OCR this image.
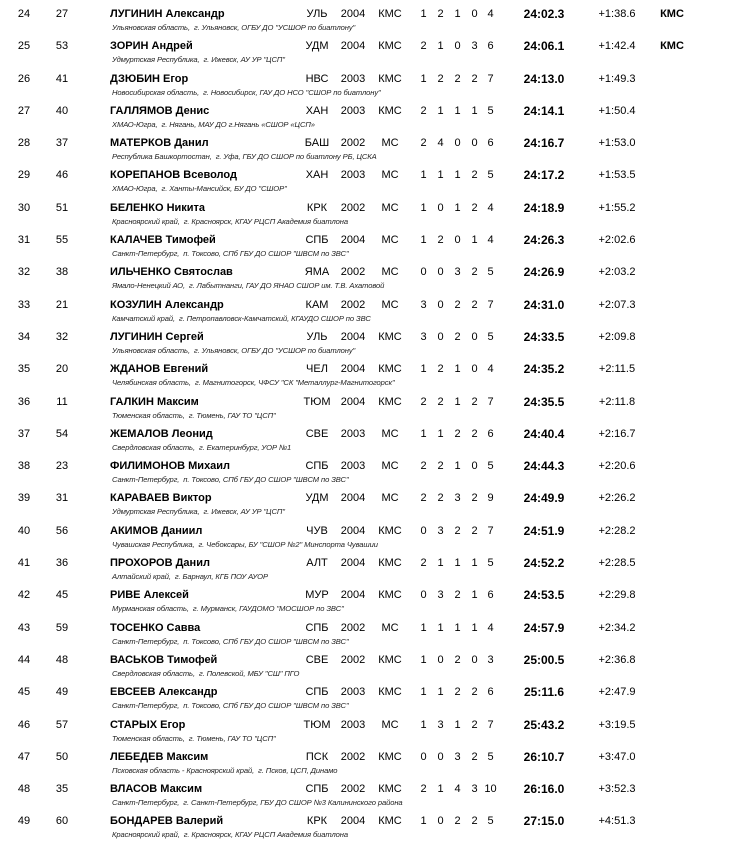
24	27	ЛУГИНИН Александр	УЛЬ	2004	КМС	1 2 1 0 4	24:02.3	+1:38.6	КМС
Ульяновская область,  г. Ульяновск, ОГБУ ДО "УСШОР по биатлону"
25	53	ЗОРИН Андрей	УДМ	2004	КМС	2 1 0 3 6	24:06.1	+1:42.4	КМС
Удмуртская Республика,  г. Ижевск, АУ УР "ЦСП"
26	41	ДЗЮБИН Егор	НВС	2003	КМС	1 2 2 2 7	24:13.0	+1:49.3
Новосибирская область,  г. Новосибирск, ГАУ ДО НСО "СШОР по биатлону"
27	40	ГАЛЛЯМОВ Денис	ХАН	2003	КМС	2 1 1 1 5	24:14.1	+1:50.4
ХМАО-Югра,  г. Нягань, МАУ ДО г.Нягань «СШОР «ЦСП»
28	37	МАТЕРКОВ Данил	БАШ	2002	МС	2 4 0 0 6	24:16.7	+1:53.0
Республика Башкортостан,  г. Уфа, ГБУ ДО СШОР по биатлону РБ, ЦСКА
29	46	КОРЕПАНОВ Всеволод	ХАН	2003	МС	1 1 1 2 5	24:17.2	+1:53.5
ХМАО-Югра,  г. Ханты-Мансийск, БУ ДО "СШОР"
30	51	БЕЛЕНКО Никита	КРК	2002	МС	1 0 1 2 4	24:18.9	+1:55.2
Красноярский край,  г. Красноярск, КГАУ РЦСП Академия биатлона
31	55	КАЛАЧЕВ Тимофей	СПБ	2004	МС	1 2 0 1 4	24:26.3	+2:02.6
Санкт-Петербург,  п. Токсово, СПб ГБУ ДО СШОР "ШВСМ по ЗВС"
32	38	ИЛЬЧЕНКО Святослав	ЯМА	2002	МС	0 0 3 2 5	24:26.9	+2:03.2
Ямало-Ненецкий АО,  г. Лабытнанги, ГАУ ДО ЯНАО СШОР им. Т.В. Ахатовой
33	21	КОЗУЛИН Александр	КАМ	2002	МС	3 0 2 2 7	24:31.0	+2:07.3
Камчатский край,  г. Петропавловск-Камчатский, КГАУДО СШОР по ЗВС
34	32	ЛУГИНИН Сергей	УЛЬ	2004	КМС	3 0 2 0 5	24:33.5	+2:09.8
Ульяновская область,  г. Ульяновск, ОГБУ ДО "УСШОР по биатлону"
35	20	ЖДАНОВ Евгений	ЧЕЛ	2004	КМС	1 2 1 0 4	24:35.2	+2:11.5
Челябинская область,  г. Магнитогорск, ЧФСУ "СК "Металлург-Магнитогорск"
36	11	ГАЛКИН Максим	ТЮМ 2004	КМС	2 2 1 2 7	24:35.5	+2:11.8
Тюменская область,  г. Тюмень, ГАУ ТО "ЦСП"
37	54	ЖЕМАЛОВ Леонид	СВЕ	2003	МС	1 1 2 2 6	24:40.4	+2:16.7
Свердловская область,  г. Екатеринбург, УОР №1
38	23	ФИЛИМОНОВ Михаил	СПБ	2003	МС	2 2 1 0 5	24:44.3	+2:20.6
Санкт-Петербург,  п. Токсово, СПб ГБУ ДО СШОР "ШВСМ по ЗВС"
39	31	КАРАВАЕВ Виктор	УДМ	2004	МС	2 2 3 2 9	24:49.9	+2:26.2
Удмуртская Республика,  г. Ижевск, АУ УР "ЦСП"
40	56	АКИМОВ Даниил	ЧУВ	2004	КМС	0 3 2 2 7	24:51.9	+2:28.2
Чувашская Республика,  г. Чебоксары, БУ "СШОР №2" Минспорта Чувашии
41	36	ПРОХОРОВ Данил	АЛТ	2004	КМС	2 1 1 1 5	24:52.2	+2:28.5
Алтайский край,  г. Барнаул, КГБ ПОУ АУОР
42	45	РИВЕ Алексей	МУР	2004	КМС	0 3 2 1 6	24:53.5	+2:29.8
Мурманская область,  г. Мурманск, ГАУДОМО "МОСШОР по ЗВС"
43	59	ТОСЕНКО Савва	СПБ	2002	МС	1 1 1 1 4	24:57.9	+2:34.2
Санкт-Петербург,  п. Токсово, СПб ГБУ ДО СШОР "ШВСМ по ЗВС"
44	48	ВАСЬКОВ Тимофей	СВЕ	2002	КМС	1 0 2 0 3	25:00.5	+2:36.8
Свердловская область,  г. Полевской, МБУ "СШ" ПГО
45	49	ЕВСЕЕВ Александр	СПБ	2003	КМС	1 1 2 2 6	25:11.6	+2:47.9
Санкт-Петербург,  п. Токсово, СПб ГБУ ДО СШОР "ШВСМ по ЗВС"
46	57	СТАРЫХ Егор	ТЮМ 2003	МС	1 3 1 2 7	25:43.2	+3:19.5
Тюменская область,  г. Тюмень, ГАУ ТО "ЦСП"
47	50	ЛЕБЕДЕВ Максим	ПСК	2002	КМС	0 0 3 2 5	26:10.7	+3:47.0
Псковская область - Красноярский край,  г. Псков, ЦСП, Динамо
48	35	ВЛАСОВ Максим	СПБ	2002	КМС	2 1 4 3 10	26:16.0	+3:52.3
Санкт-Петербург,  г. Санкт-Петербург, ГБУ ДО СШОР №3 Калининского района
49	60	БОНДАРЕВ Валерий	КРК	2004	КМС	1 0 2 2 5	27:15.0	+4:51.3
Красноярский край,  г. Красноярск, КГАУ РЦСП Академия биатлона
